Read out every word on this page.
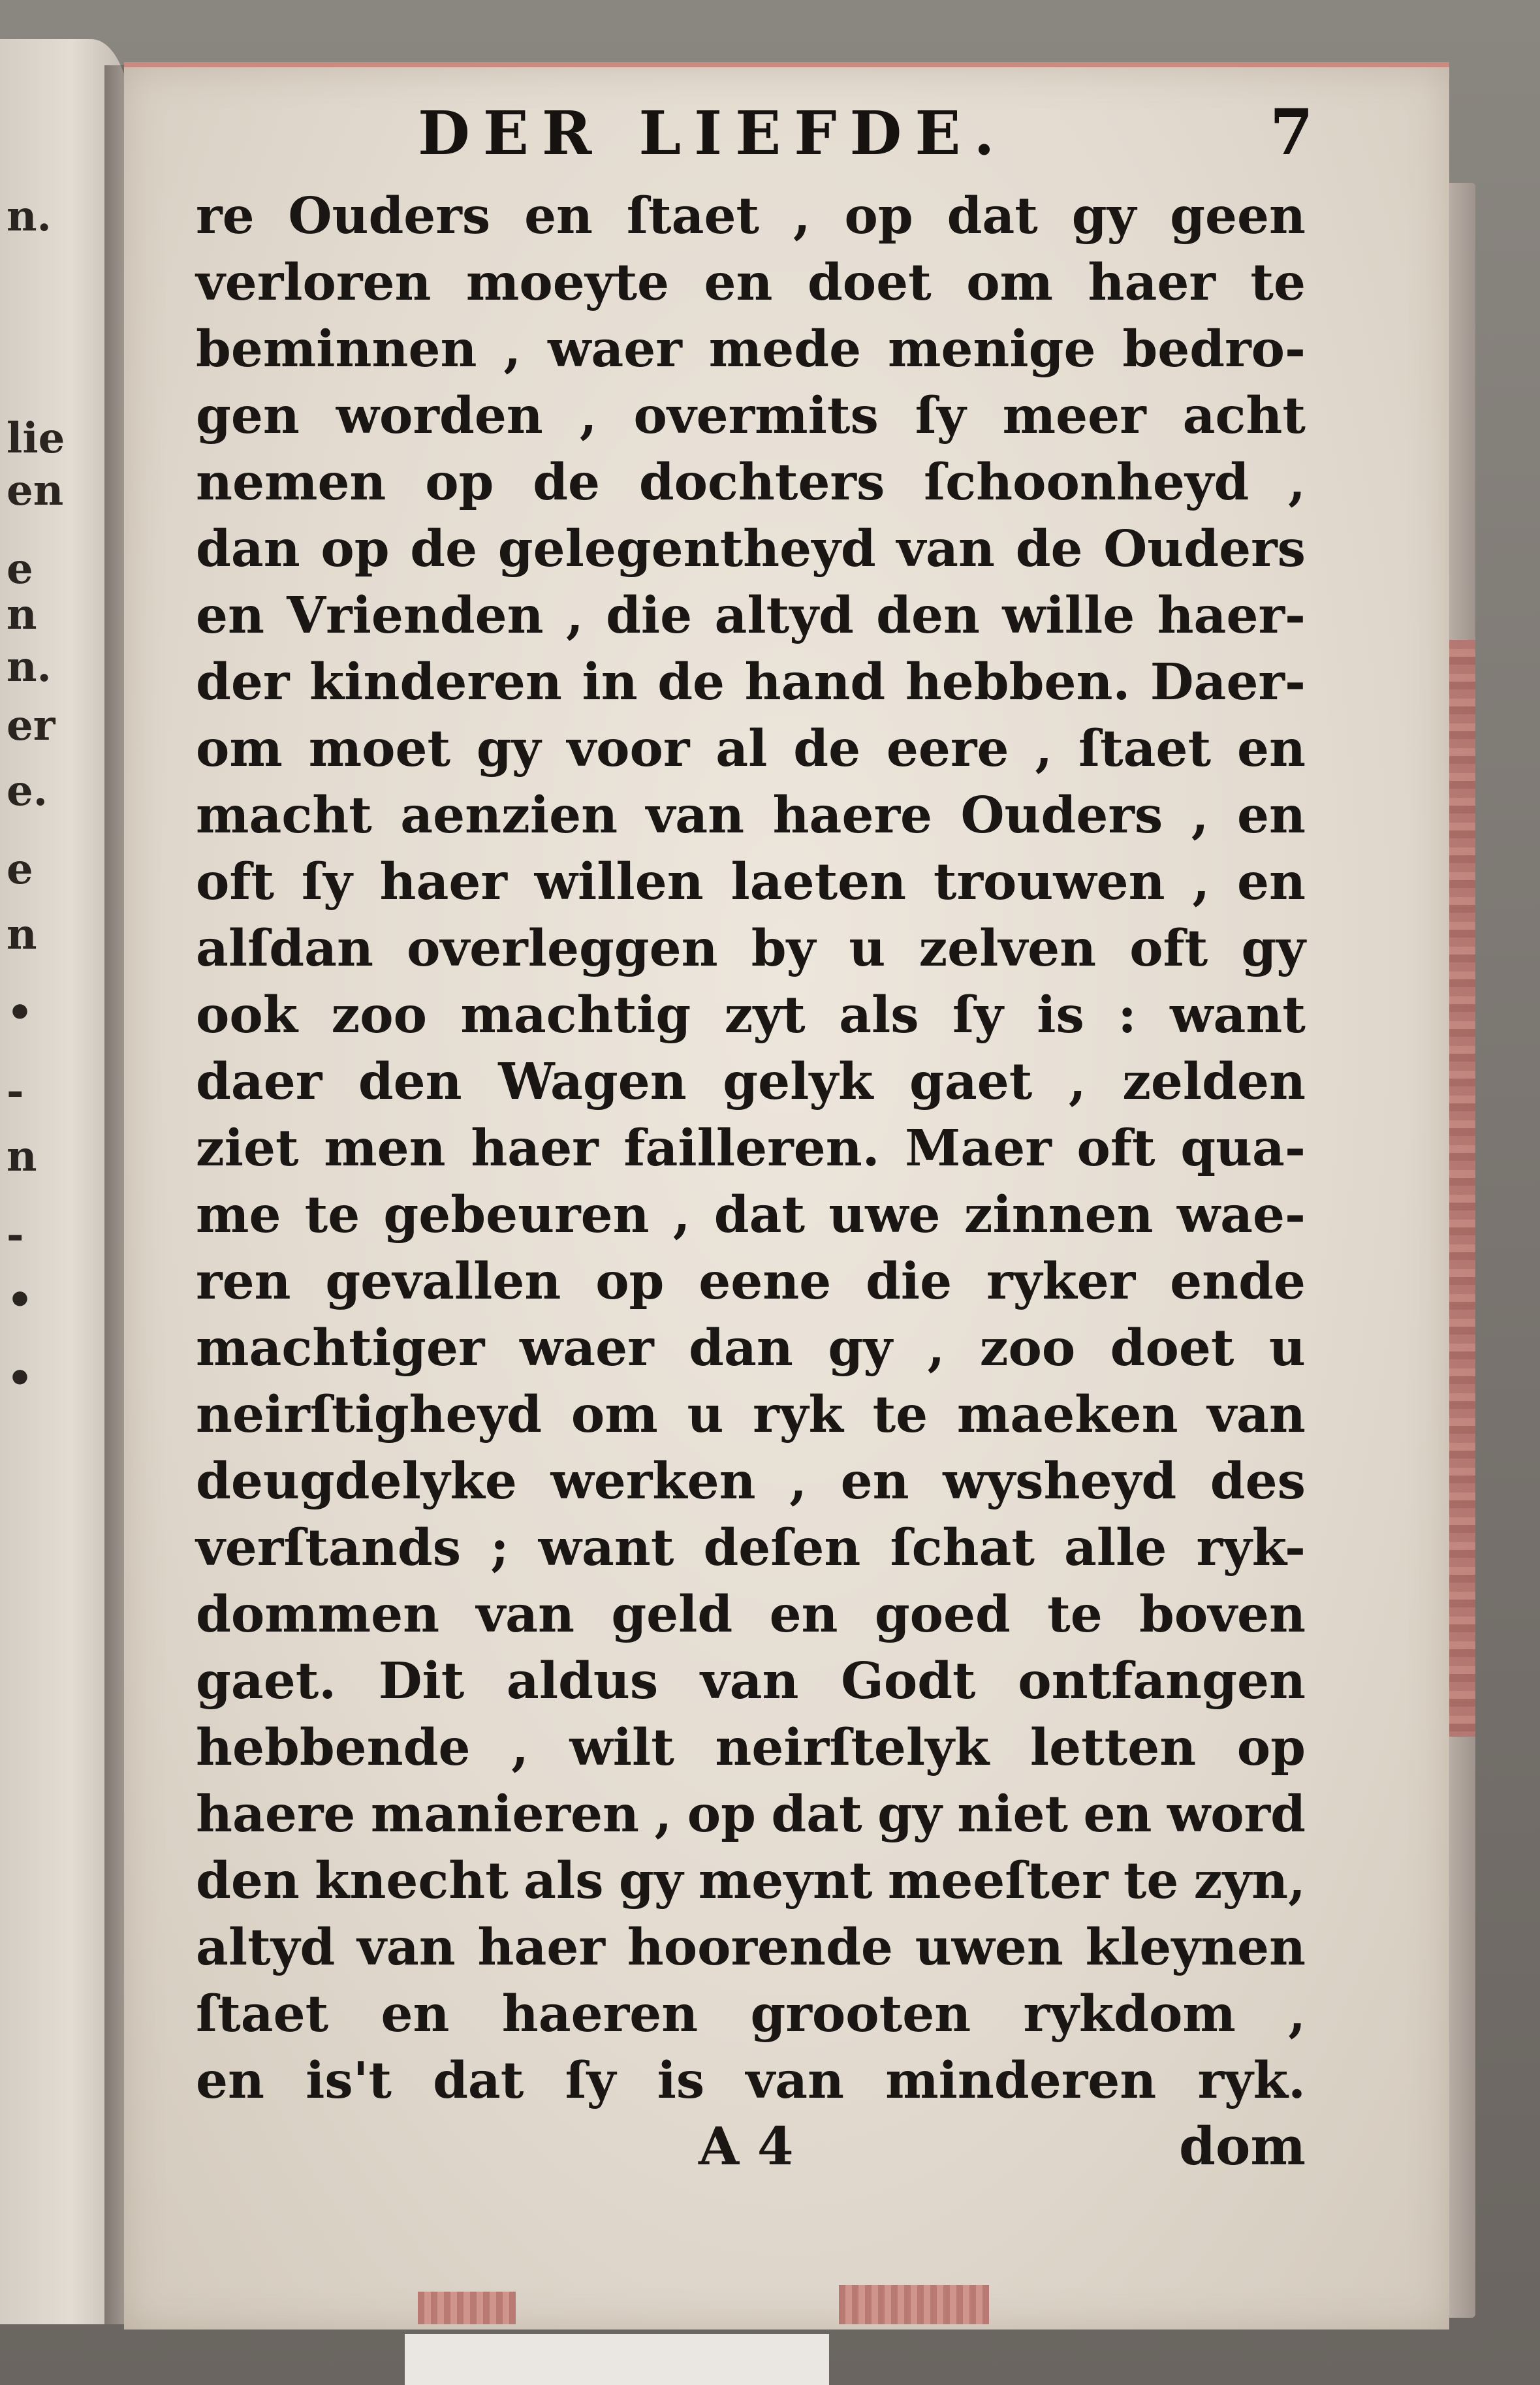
n.
lie
en
e
n
n.
er
e.
e
n
•
-
n
-
•
•
DER LIEFDE.	7
re Ouders en ſtaet , op dat gy geen
verloren moeyte en doet om haer te
beminnen , waer mede menige bedro-
gen worden , overmits ſy meer acht
nemen op de dochters ſchoonheyd ,
dan op de gelegentheyd van de Ouders
en Vrienden , die altyd den wille haer-
der kinderen in de hand hebben. Daer-
om moet gy voor al de eere , ſtaet en
macht aenzien van haere Ouders , en
oft ſy haer willen laeten trouwen , en
alſdan overleggen by u zelven oft gy
ook zoo machtig zyt als ſy is : want
daer den Wagen gelyk gaet , zelden
ziet men haer failleren. Maer oft qua-
me te gebeuren , dat uwe zinnen wae-
ren gevallen op eene die ryker ende
machtiger waer dan gy , zoo doet u
neirſtigheyd om u ryk te maeken van
deugdelyke werken , en wysheyd des
verſtands ; want deſen ſchat alle ryk-
dommen van geld en goed te boven
gaet. Dit aldus van Godt ontfangen
hebbende , wilt neirſtelyk letten op
haere manieren , op dat gy niet en word
den knecht als gy meynt meeſter te zyn,
altyd van haer hoorende uwen kleynen
ſtaet en haeren grooten rykdom ,
en is't dat ſy is van minderen ryk.
A 4	dom
